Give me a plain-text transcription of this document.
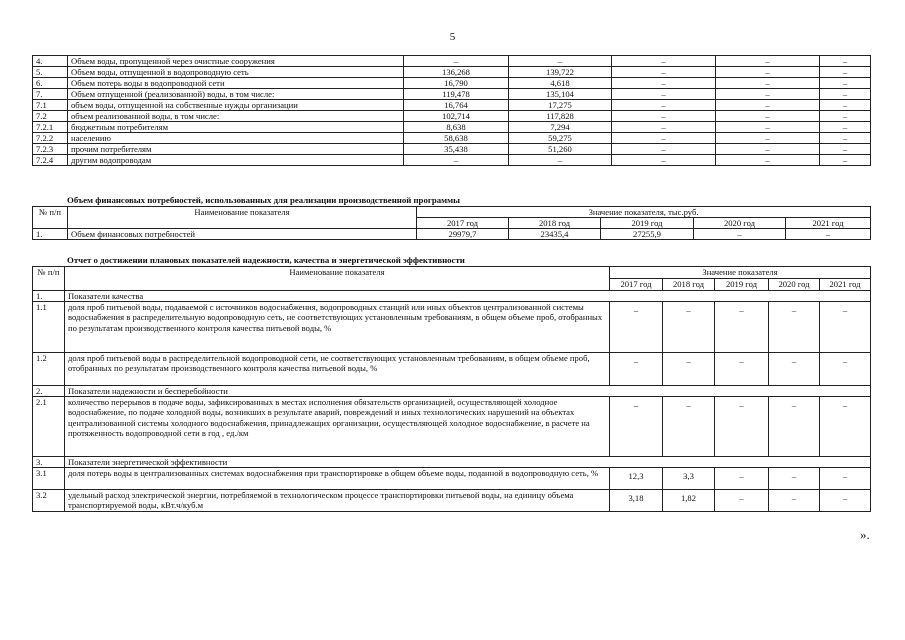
5
4.	Объем воды, пропущенной через очистные сооружения	–	–	–	–	–
5.	Объем воды, отпущенной в водопроводную сеть	136,268	139,722	–	–	–
6.	Объем потерь воды в водопроводной сети	16,790	4,618	–	–	–
7.	Объем отпущенной (реализованной) воды, в том числе:	119,478	135,104	–	–	–
7.1	объем воды, отпущенной на собственные нужды организации	16,764	17,275	–	–	–
7.2	объем реализованной воды, в том числе:	102,714	117,828	–	–	–
7.2.1	бюджетным потребителям	8,638	7,294	–	–	–
7.2.2	населению	58,638	59,275	–	–	–
7.2.3	прочим потребителям	35,438	51,260	–	–	–
7.2.4	другим водопроводам	–	–	–	–	–
Объем финансовых потребностей, использованных для реализации производственной программы
№ п/п	Наименование показателя	Значение показателя, тыс.руб.				
		2017 год	2018 год	2019 год	2020 год	2021 год
1.	Объем финансовых потребностей	29979,7	23435,4	27255,9	–	–
Отчет о достижении плановых показателей надежности, качества и энергетической эффективности
№ п/п	Наименование показателя	Значение показателя				
		2017 год	2018 год	2019 год	2020 год	2021 год
1.	Показатели качества					
1.1	доля проб питьевой воды, подаваемой с источников водоснабжения, водопроводных станций или иных объектов централизованной системы водоснабжения в распределительную водопроводную сеть, не соответствующих установленным требованиям, в общем объеме проб, отобранных по результатам производственного контроля качества питьевой воды, %	–	–	–	–	–
1.2	доля проб питьевой воды в распределительной водопроводной сети, не соответствующих установленным требованиям, в общем объеме проб, отобранных по результатам производственного контроля качества питьевой воды, %	–	–	–	–	–
2.	Показатели надежности и бесперебойности					
2.1	количество перерывов в подаче воды, зафиксированных в местах исполнения обязательств организацией, осуществляющей холодное водоснабжение, по подаче холодной воды, возникших в результате аварий, повреждений и иных технологических нарушений на объектах централизованной системы холодного водоснабжения, принадлежащих организации, осуществляющей холодное водоснабжение, в расчете на протяженность водопроводной сети в год , ед./км	–	–	–	–	–
3.	Показатели энергетической эффективности					
3.1	доля потерь воды в централизованных системах водоснабжения при транспортировке в общем объеме воды, поданной в водопроводную сеть, %	12,3	3,3	–	–	–
3.2	удельный расход электрической энергии, потребляемой в технологическом процессе транспортировки питьевой воды, на единицу объема транспортируемой воды, кВт.ч/куб.м	3,18	1,82	–	–	–
».
